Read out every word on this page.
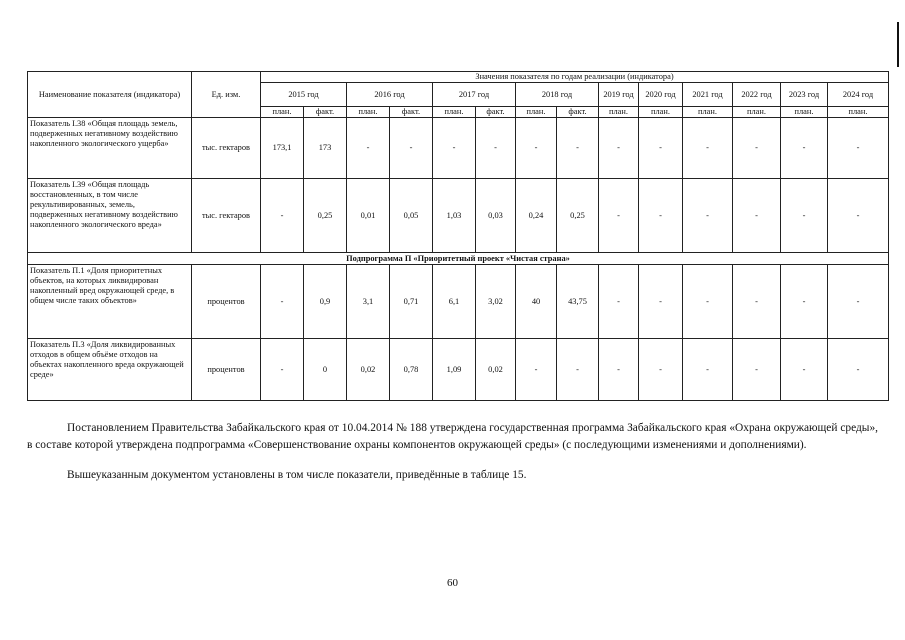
Наименование показателя (индикатора)	Ед. изм.	Значения показателя по годам реализации (индикатора)													
		2015 год		2016 год		2017 год		2018 год		2019 год	2020 год	2021 год	2022 год	2023 год	2024 год
		план.	факт.	план.	факт.	план.	факт.	план.	факт.	план.	план.	план.	план.	план.	план.
Показатель I.38 «Общая площадь земель, подверженных негативному воздействию накопленного экологического ущерба»	тыс. гектаров	173,1	173	-	-	-	-	-	-	-	-	-	-	-	-
Показатель I.39 «Общая площадь восстановленных, в том числе рекультивированных, земель, подверженных негативному воздействию накопленного экологического вреда»	тыс. гектаров	-	0,25	0,01	0,05	1,03	0,03	0,24	0,25	-	-	-	-	-	-
Подпрограмма П «Приоритетный проект «Чистая страна»															
Показатель П.1 «Доля приоритетных объектов, на которых ликвидирован накопленный вред окружающей среде, в общем числе таких объектов»	процентов	-	0,9	3,1	0,71	6,1	3,02	40	43,75	-	-	-	-	-	-
Показатель П.3 «Доля ликвидированных отходов в общем объёме отходов на объектах накопленного вреда окружающей среде»	процентов	-	0	0,02	0,78	1,09	0,02	-	-	-	-	-	-	-	-

Постановлением Правительства Забайкальского края от 10.04.2014 № 188 утверждена государственная программа Забайкальского края «Охрана окружающей среды», в составе которой утверждена подпрограмма «Совершенствование охраны компонентов окружающей среды» (с последующими изменениями и дополнениями).

Вышеуказанным документом установлены в том числе показатели, приведённые в таблице 15.

60
